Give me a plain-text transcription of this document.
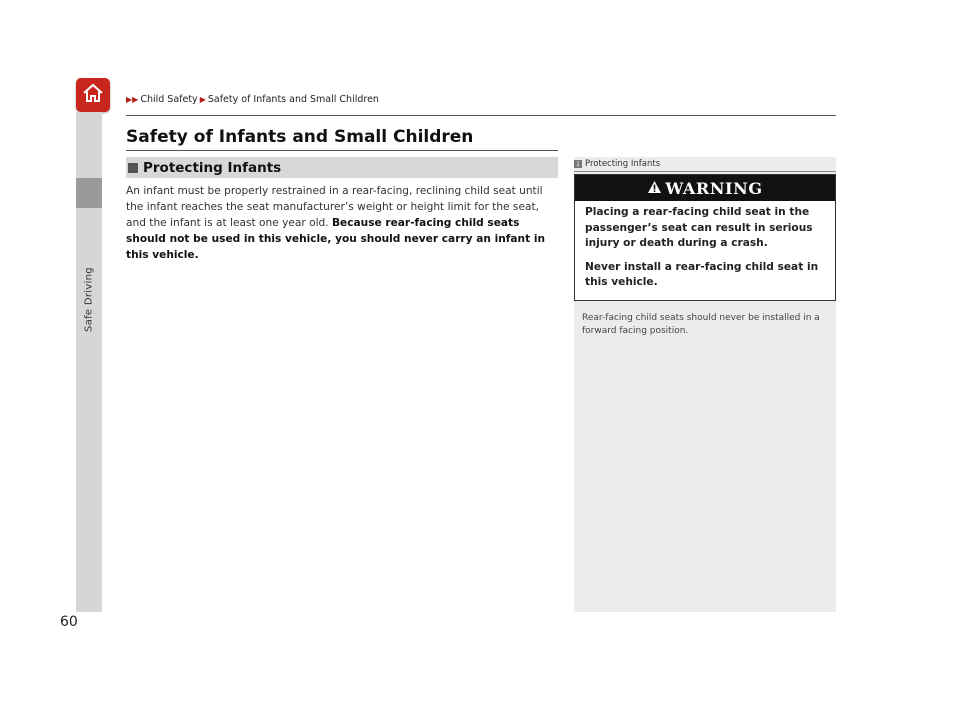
Safe Driving
▶▶ Child Safety ▶ Safety of Infants and Small Children
Safety of Infants and Small Children
Protecting Infants

An infant must be properly restrained in a rear-facing, reclining child seat until the infant reaches the seat manufacturer’s weight or height limit for the seat, and the infant is at least one year old. Because rear-facing child seats should not be used in this vehicle, you should never carry an infant in this vehicle.

1 Protecting Infants
WARNING

Placing a rear-facing child seat in the passenger’s seat can result in serious injury or death during a crash.

Never install a rear-facing child seat in this vehicle.

Rear-facing child seats should never be installed in a forward facing position.

60
